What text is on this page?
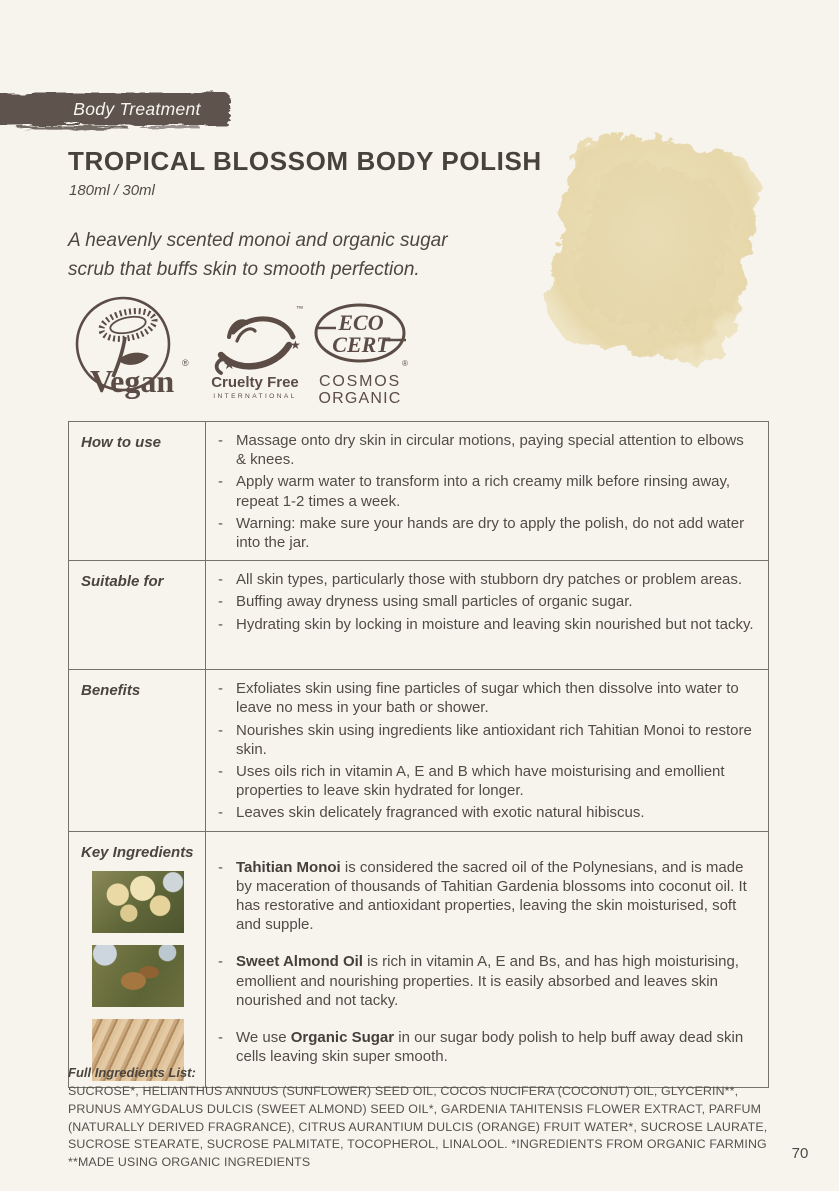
Body Treatment
TROPICAL BLOSSOM BODY POLISH
180ml / 30ml
A heavenly scented monoi and organic sugar
scrub that buffs skin to smooth perfection.
Vegan ®
★
★
™
Cruelty Free
INTERNATIONAL
ECO
CERT
®
COSMOS
ORGANIC
How to use	- Massage onto dry skin in circular motions, paying special attention to elbows & knees.
- Apply warm water to transform into a rich creamy milk before rinsing away, repeat 1-2 times a week.
- Warning: make sure your hands are dry to apply the polish, do not add water into the jar.
Suitable for	- All skin types, particularly those with stubborn dry patches or problem areas.
- Buffing away dryness using small particles of organic sugar.
- Hydrating skin by locking in moisture and leaving skin nourished but not tacky.
Benefits	- Exfoliates skin using fine particles of sugar which then dissolve into water to leave no mess in your bath or shower.
- Nourishes skin using ingredients like antioxidant rich Tahitian Monoi to restore skin.
- Uses oils rich in vitamin A, E and B which have moisturising and emollient properties to leave skin hydrated for longer.
- Leaves skin delicately fragranced with exotic natural hibiscus.
Key Ingredients
- Tahitian Monoi is considered the sacred oil of the Polynesians, and is made by maceration of thousands of Tahitian Gardenia blossoms into coconut oil. It has restorative and antioxidant properties, leaving the skin moisturised, soft and supple.
- Sweet Almond Oil is rich in vitamin A, E and Bs, and has high moisturising, emollient and nourishing properties. It is easily absorbed and leaves skin nourished and not tacky.
- We use Organic Sugar in our sugar body polish to help buff away dead skin cells leaving skin super smooth.
Full Ingredients List:
SUCROSE*, HELIANTHUS ANNUUS (SUNFLOWER) SEED OIL, COCOS NUCIFERA (COCONUT) OIL, GLYCERIN**, PRUNUS AMYGDALUS DULCIS (SWEET ALMOND) SEED OIL*, GARDENIA TAHITENSIS FLOWER EXTRACT, PARFUM (NATURALLY DERIVED FRAGRANCE), CITRUS AURANTIUM DULCIS (ORANGE) FRUIT WATER*, SUCROSE LAURATE, SUCROSE STEARATE, SUCROSE PALMITATE, TOCOPHEROL, LINALOOL. *INGREDIENTS FROM ORGANIC FARMING **MADE USING ORGANIC INGREDIENTS
70
